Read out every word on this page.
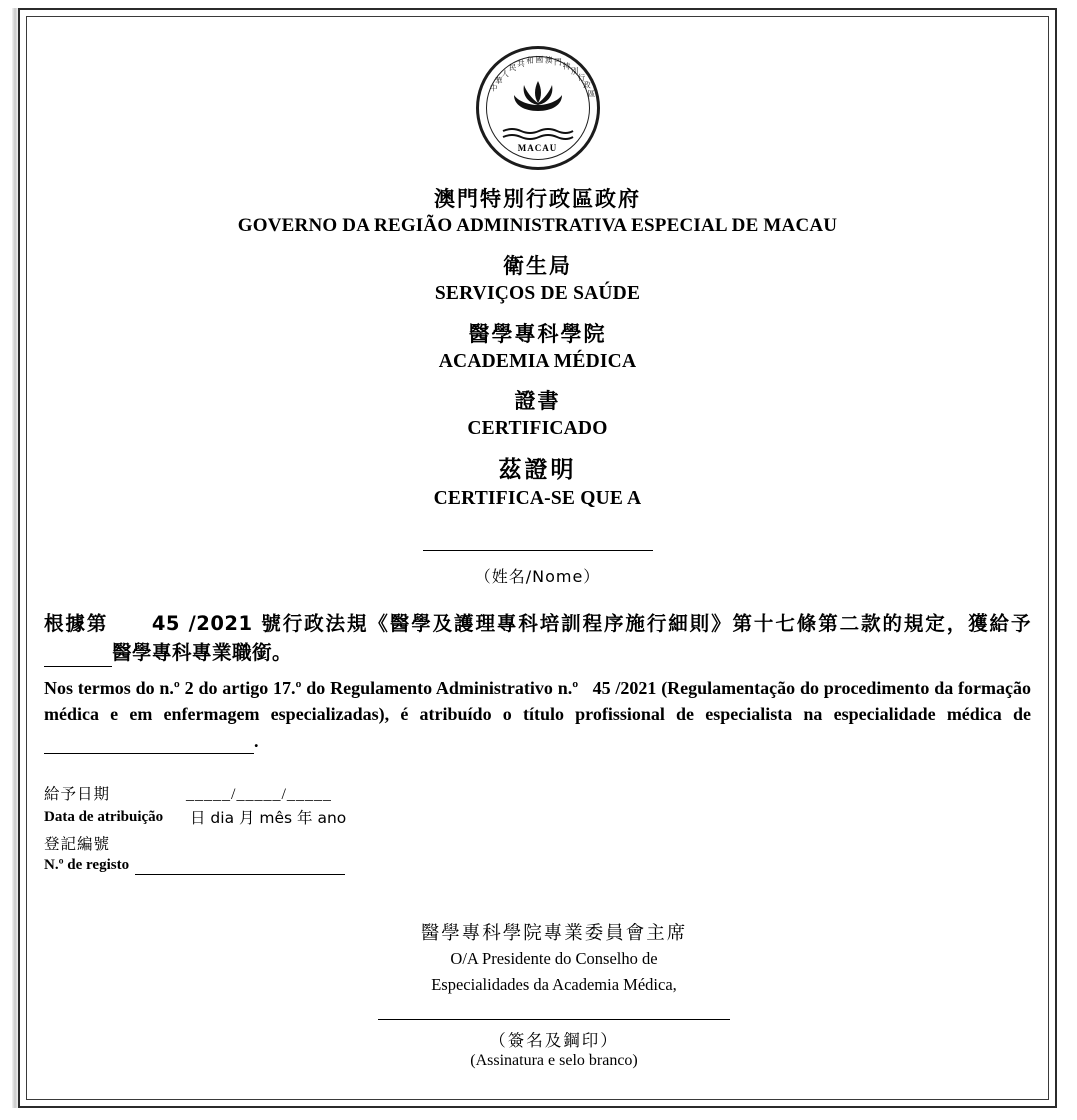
中
華
人
民 共 和 國 澳 門 特
別
行
政
區
MACAU
澳門特別行政區政府
GOVERNO DA REGIÃO ADMINISTRATIVA ESPECIAL DE MACAU
衛生局
SERVIÇOS DE SAÚDE
醫學專科學院
ACADEMIA MÉDICA
證書
CERTIFICADO
茲證明
CERTIFICA-SE QUE A
（姓名/Nome）
根據第 45 /2021 號行政法規《醫學及護理專科培訓程序施行細則》第十七條第二款的規定，獲給予醫學專科專業職銜。
Nos termos do n.º 2 do artigo 17.º do Regulamento Administrativo n.º 45 /2021 (Regulamentação do procedimento da formação médica e em enfermagem especializadas), é atribuído o título profissional de especialista na especialidade médica de .
給予日期	_____/_____/_____
Data de atribuição	日 dia 月 mês 年 ano
登記編號
N.º de registo
醫學專科學院專業委員會主席
O/A Presidente do Conselho de
Especialidades da Academia Médica,
（簽名及鋼印）
(Assinatura e selo branco)
